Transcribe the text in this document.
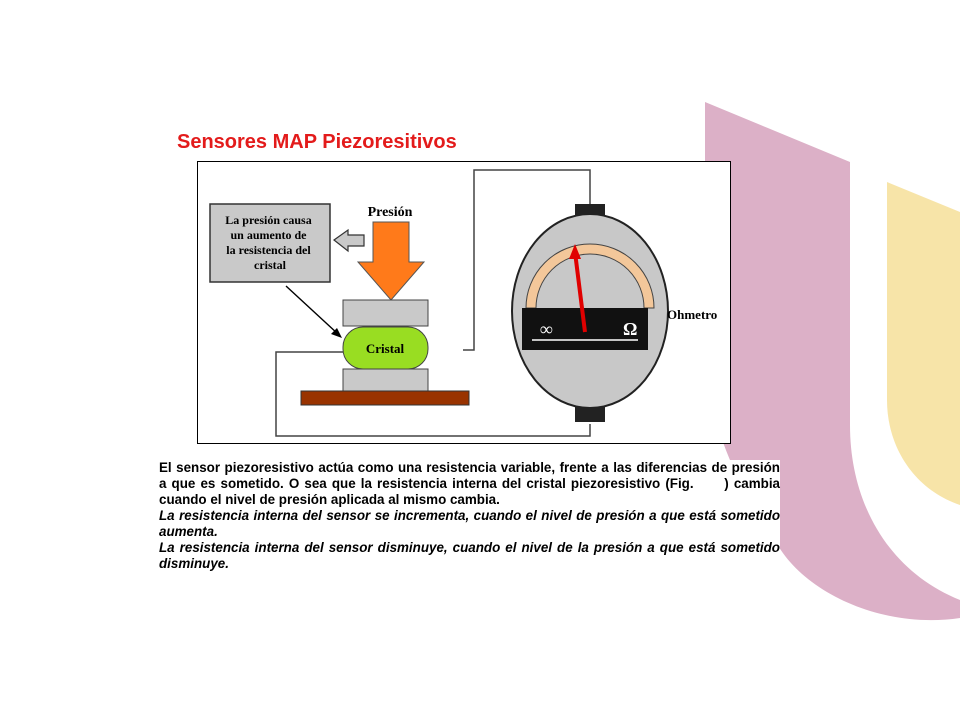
Sensores MAP Piezoresitivos
La presión causa un aumento de la resistencia del cristal
Presión
Cristal
∞	Ω
Ohmetro

El sensor piezoresistivo actúa como una resistencia variable, frente a las diferencias de presión a que es sometido. O sea que la resistencia interna del cristal piezoresistivo (Fig. ) cambia cuando el nivel de presión aplicada al mismo cambia.

La resistencia interna del sensor se incrementa, cuando el nivel de presión a que está sometido aumenta.

La resistencia interna del sensor disminuye, cuando el nivel de la presión a que está sometido disminuye.
